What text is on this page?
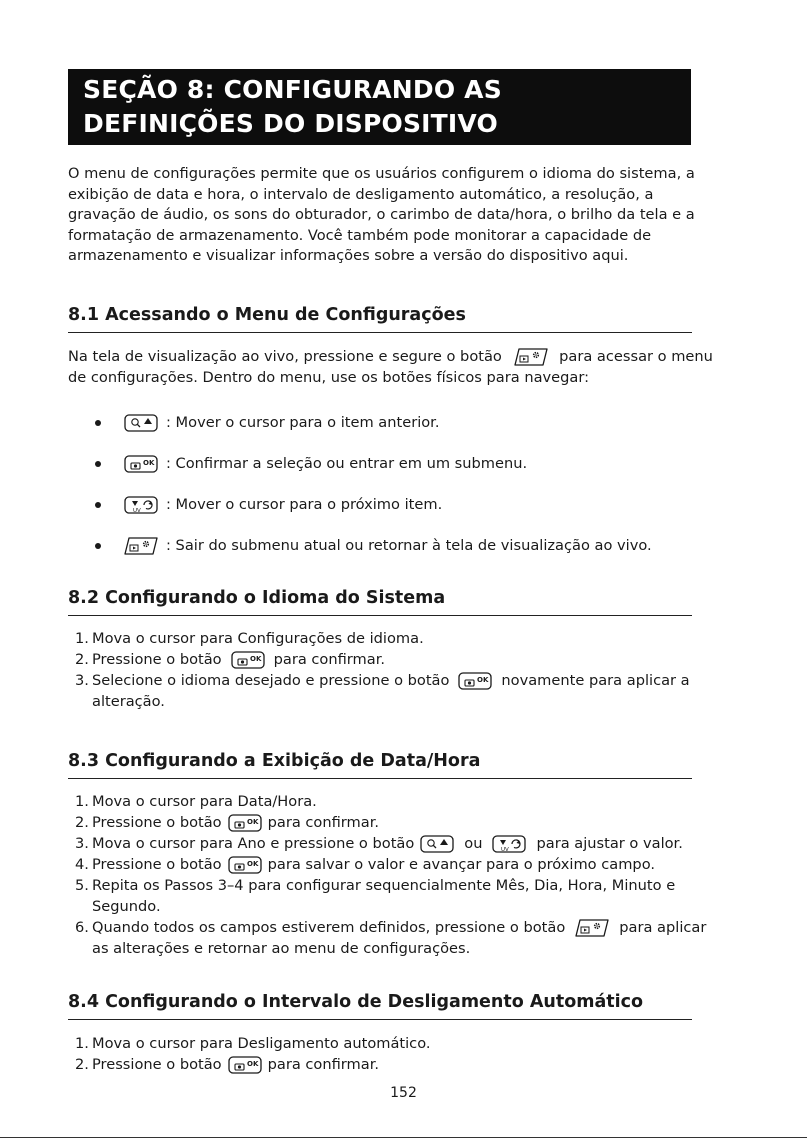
SEÇÃO 8: CONFIGURANDO AS
DEFINIÇÕES DO DISPOSITIVO
O menu de configurações permite que os usuários configurem o idioma do sistema, a
exibição de data e hora, o intervalo de desligamento automático, a resolução, a
gravação de áudio, os sons do obturador, o carimbo de data/hora, o brilho da tela e a
formatação de armazenamento. Você também pode monitorar a capacidade de
armazenamento e visualizar informações sobre a versão do dispositivo aqui.
8.1 Acessando o Menu de Configurações
Na tela de visualização ao vivo, pressione e segure o botão	para acessar o menu
de configurações. Dentro do menu, use os botões físicos para navegar:
: Mover o cursor para o item anterior.
OK : Confirmar a seleção ou entrar em um submenu.
UV : Mover o cursor para o próximo item.
: Sair do submenu atual ou retornar à tela de visualização ao vivo.
8.2 Configurando o Idioma do Sistema
1. Mova o cursor para Configurações de idioma.
2. Pressione o botão	OK para confirmar.
3. Selecione o idioma desejado e pressione o botão	OK novamente para aplicar a
alteração.
8.3 Configurando a Exibição de Data/Hora
1. Mova o cursor para Data/Hora.
2. Pressione o botão	OK para confirmar.
3. Mova o cursor para Ano e pressione o botão	ou	UV para ajustar o valor.
4. Pressione o botão	OK para salvar o valor e avançar para o próximo campo.
5. Repita os Passos 3–4 para configurar sequencialmente Mês, Dia, Hora, Minuto e
Segundo.
6. Quando todos os campos estiverem definidos, pressione o botão	para aplicar
as alterações e retornar ao menu de configurações.
8.4 Configurando o Intervalo de Desligamento Automático
1. Mova o cursor para Desligamento automático.
2. Pressione o botão	OK para confirmar.
152
